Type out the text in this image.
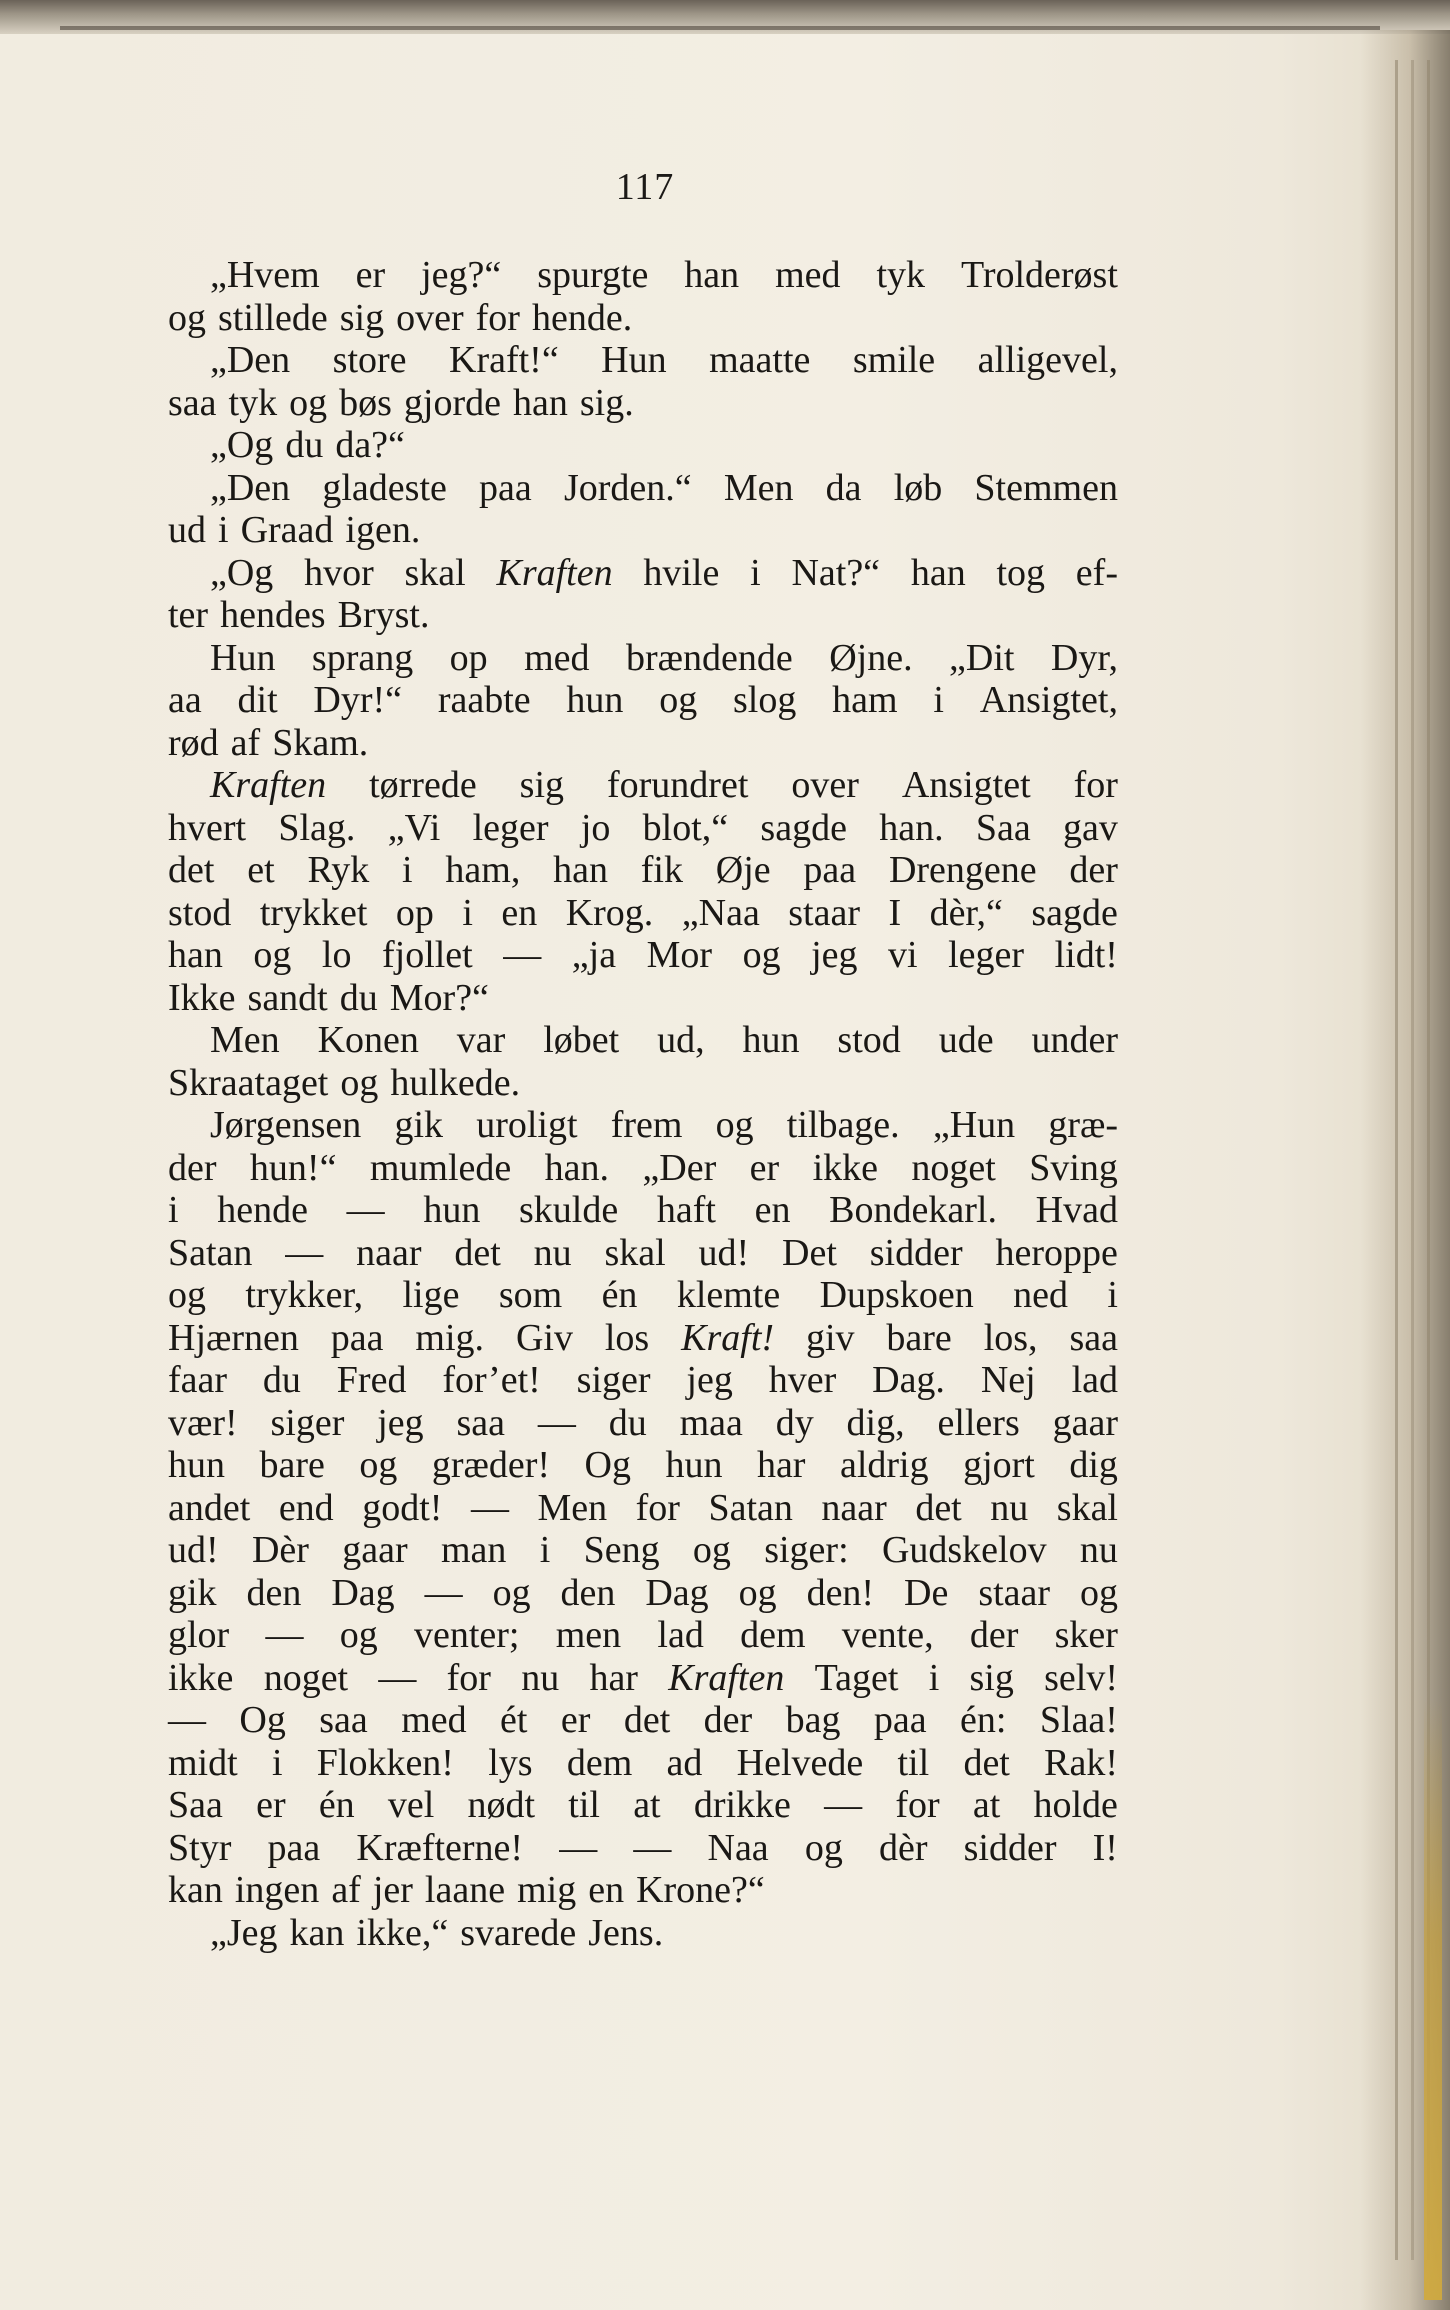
117
„Hvem er jeg?“ spurgte han med tyk Trolderøst
og stillede sig over for hende.
„Den store Kraft!“ Hun maatte smile alligevel,
saa tyk og bøs gjorde han sig.
„Og du da?“
„Den gladeste paa Jorden.“ Men da løb Stemmen
ud i Graad igen.
„Og hvor skal Kraften hvile i Nat?“ han tog ef-
ter hendes Bryst.
Hun sprang op med brændende Øjne. „Dit Dyr,
aa dit Dyr!“ raabte hun og slog ham i Ansigtet,
rød af Skam.
Kraften tørrede sig forundret over Ansigtet for
hvert Slag. „Vi leger jo blot,“ sagde han. Saa gav
det et Ryk i ham, han fik Øje paa Drengene der
stod trykket op i en Krog. „Naa staar I dèr,“ sagde
han og lo fjollet — „ja Mor og jeg vi leger lidt!
Ikke sandt du Mor?“
Men Konen var løbet ud, hun stod ude under
Skraataget og hulkede.
Jørgensen gik uroligt frem og tilbage. „Hun græ-
der hun!“ mumlede han. „Der er ikke noget Sving
i hende — hun skulde haft en Bondekarl. Hvad
Satan — naar det nu skal ud! Det sidder heroppe
og trykker, lige som én klemte Dupskoen ned i
Hjærnen paa mig. Giv los Kraft! giv bare los, saa
faar du Fred for’et! siger jeg hver Dag. Nej lad
vær! siger jeg saa — du maa dy dig, ellers gaar
hun bare og græder! Og hun har aldrig gjort dig
andet end godt! — Men for Satan naar det nu skal
ud! Dèr gaar man i Seng og siger: Gudskelov nu
gik den Dag — og den Dag og den! De staar og
glor — og venter; men lad dem vente, der sker
ikke noget — for nu har Kraften Taget i sig selv!
— Og saa med ét er det der bag paa én: Slaa!
midt i Flokken! lys dem ad Helvede til det Rak!
Saa er én vel nødt til at drikke — for at holde
Styr paa Kræfterne! — — Naa og dèr sidder I!
kan ingen af jer laane mig en Krone?“
„Jeg kan ikke,“ svarede Jens.
